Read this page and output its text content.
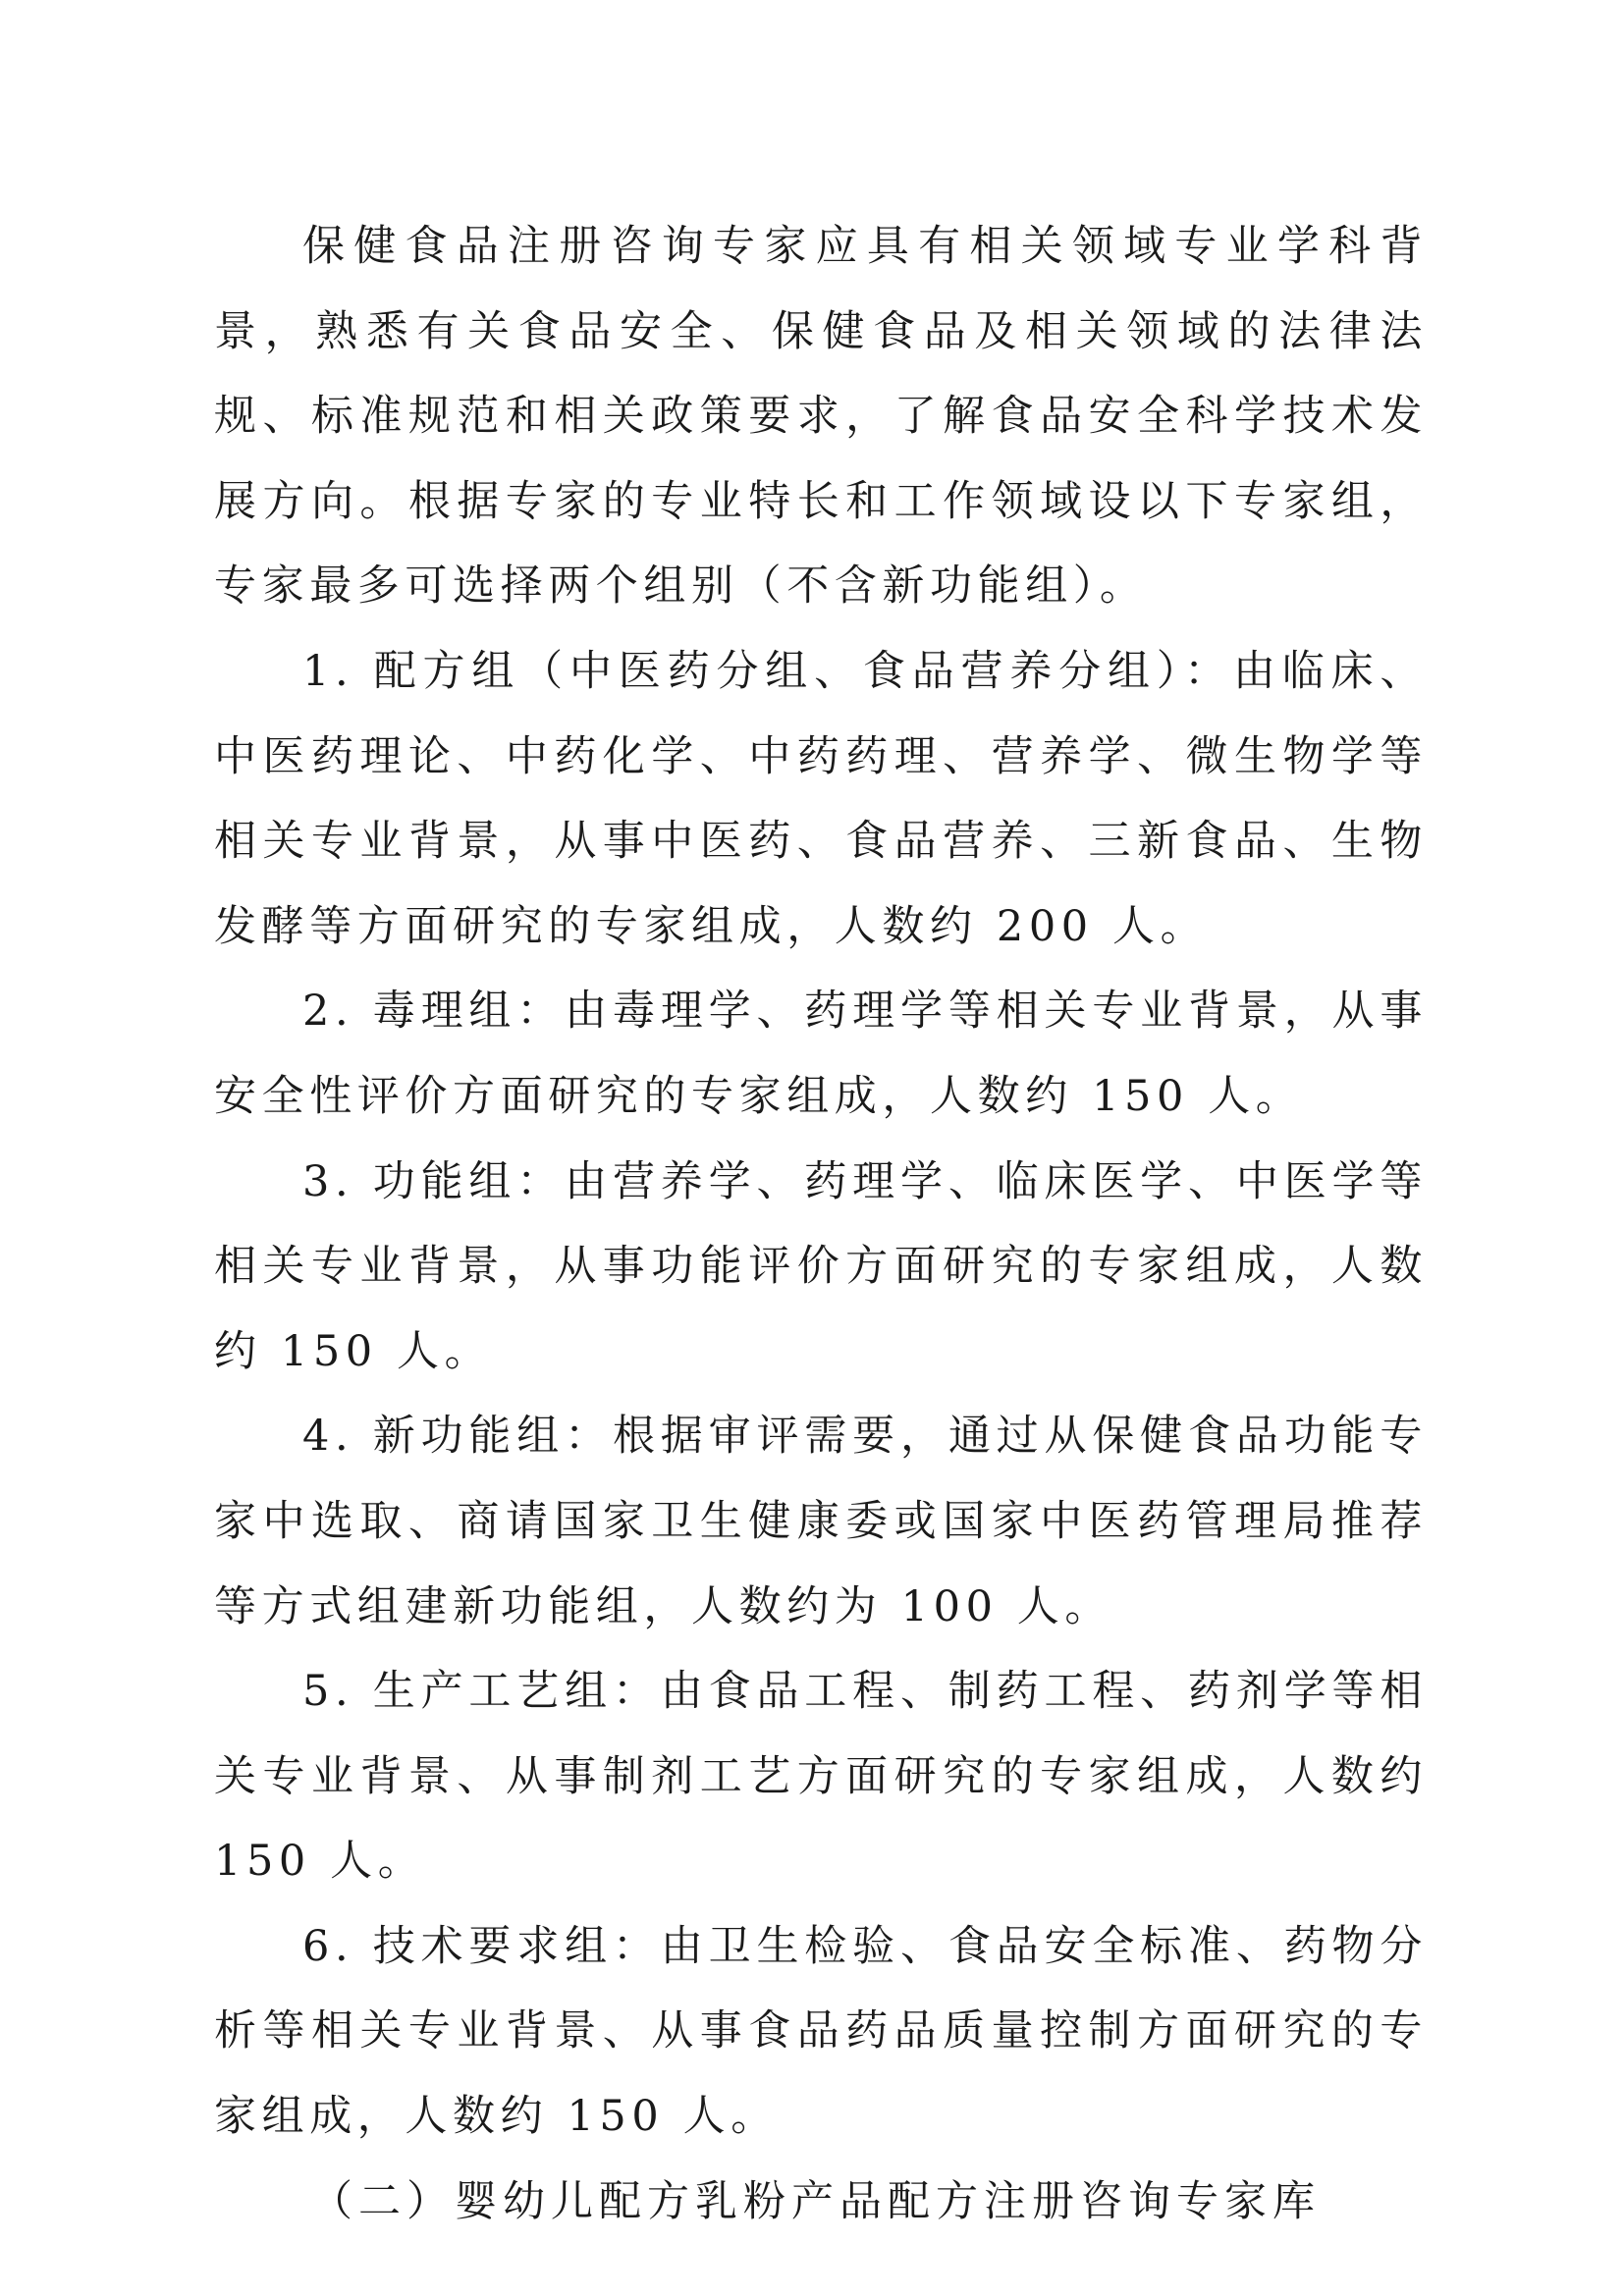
保健食品注册咨询专家应具有相关领域专业学科背景，熟悉有关食品安全、保健食品及相关领域的法律法规、标准规范和相关政策要求，了解食品安全科学技术发展方向。根据专家的专业特长和工作领域设以下专家组，专家最多可选择两个组别（不含新功能组）。

1. 配方组（中医药分组、食品营养分组）：由临床、中医药理论、中药化学、中药药理、营养学、微生物学等相关专业背景，从事中医药、食品营养、三新食品、生物发酵等方面研究的专家组成，人数约 200 人。

2. 毒理组：由毒理学、药理学等相关专业背景，从事安全性评价方面研究的专家组成，人数约 150 人。

3. 功能组：由营养学、药理学、临床医学、中医学等相关专业背景，从事功能评价方面研究的专家组成，人数约 150 人。

4. 新功能组：根据审评需要，通过从保健食品功能专家中选取、商请国家卫生健康委或国家中医药管理局推荐等方式组建新功能组，人数约为 100 人。

5. 生产工艺组：由食品工程、制药工程、药剂学等相关专业背景、从事制剂工艺方面研究的专家组成，人数约 150 人。

6. 技术要求组：由卫生检验、食品安全标准、药物分析等相关专业背景、从事食品药品质量控制方面研究的专家组成，人数约 150 人。

（二）婴幼儿配方乳粉产品配方注册咨询专家库
